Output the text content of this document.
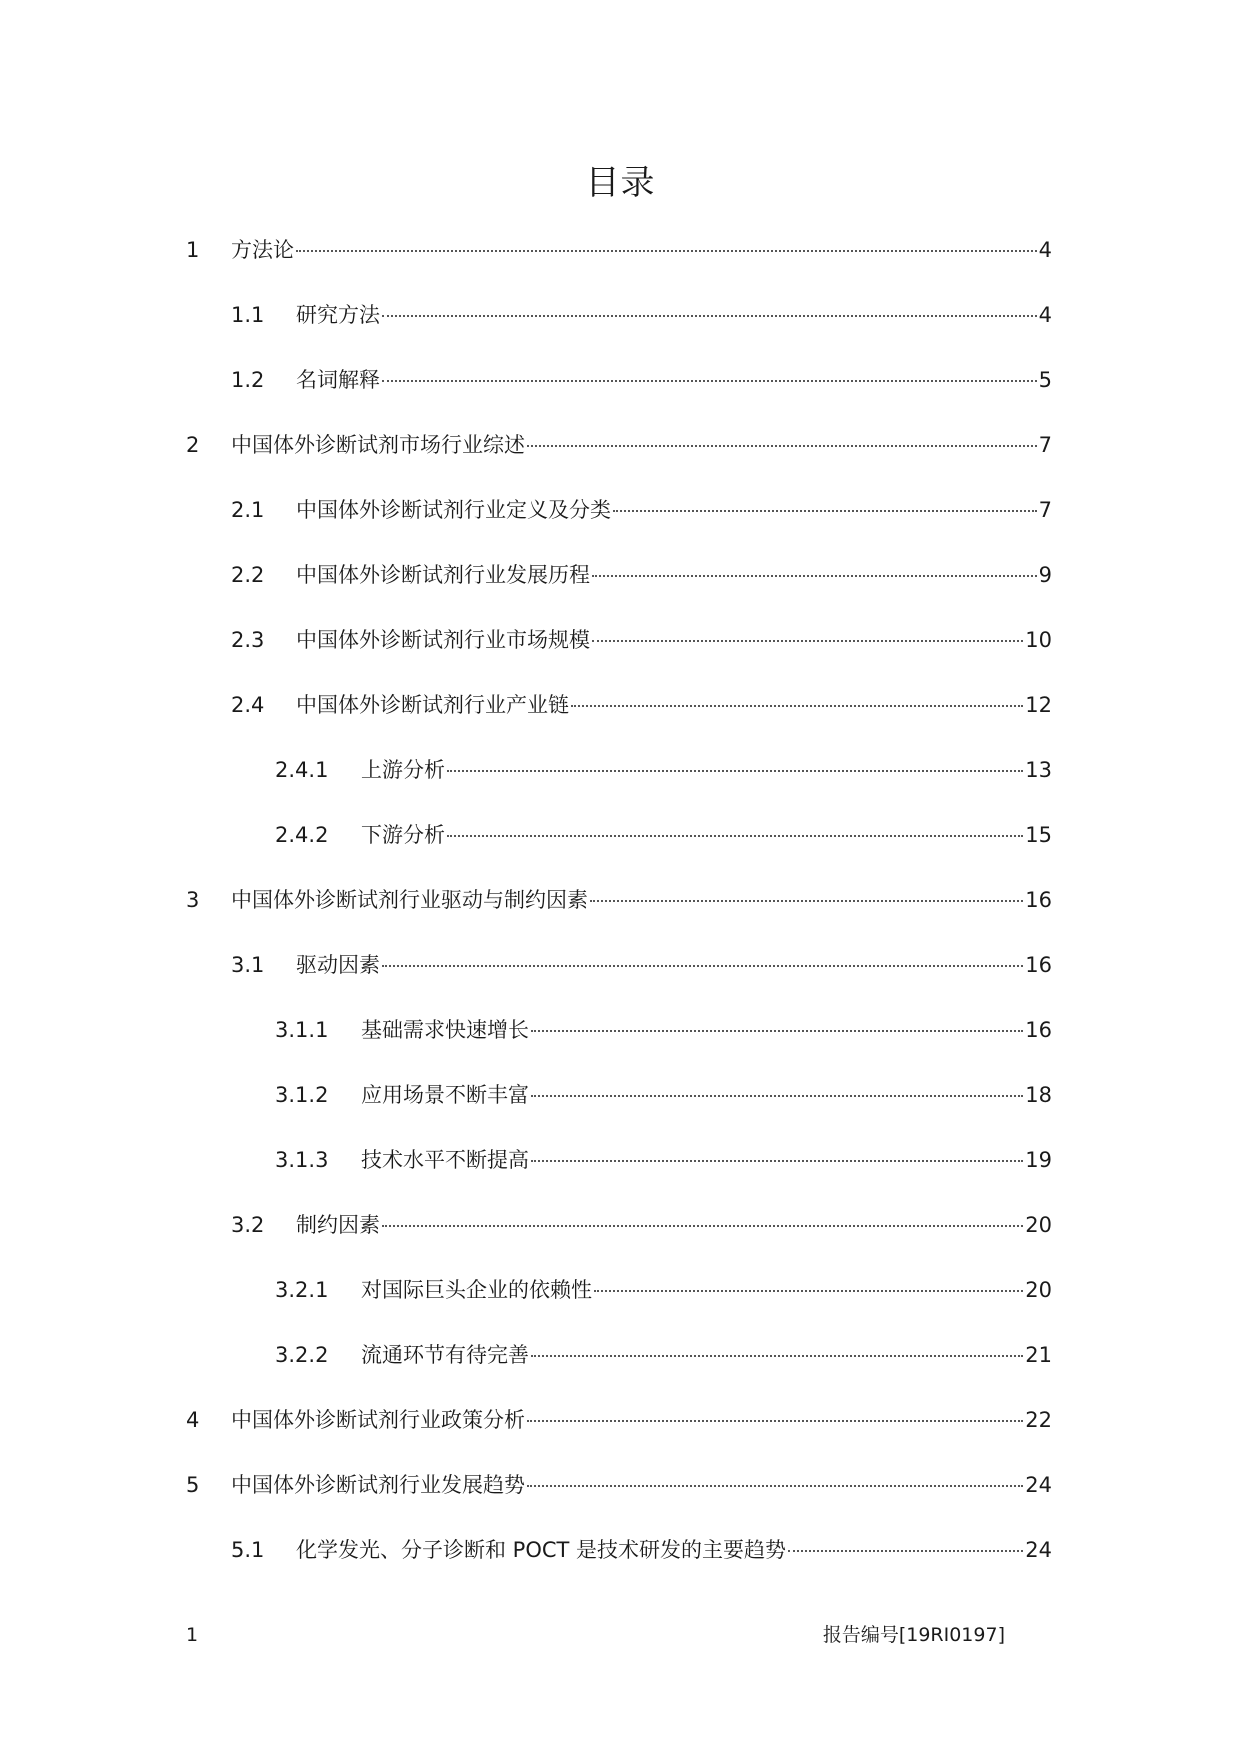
目录
1	方法论	4
1.1	研究方法	4
1.2	名词解释	5
2	中国体外诊断试剂市场行业综述	7
2.1	中国体外诊断试剂行业定义及分类	7
2.2	中国体外诊断试剂行业发展历程	9
2.3	中国体外诊断试剂行业市场规模	10
2.4	中国体外诊断试剂行业产业链	12
2.4.1	上游分析	13
2.4.2	下游分析	15
3	中国体外诊断试剂行业驱动与制约因素	16
3.1	驱动因素	16
3.1.1	基础需求快速增长	16
3.1.2	应用场景不断丰富	18
3.1.3	技术水平不断提高	19
3.2	制约因素	20
3.2.1	对国际巨头企业的依赖性	20
3.2.2	流通环节有待完善	21
4	中国体外诊断试剂行业政策分析	22
5	中国体外诊断试剂行业发展趋势	24
5.1	化学发光、分子诊断和 POCT 是技术研发的主要趋势	24
1	报告编号[19RI0197]
